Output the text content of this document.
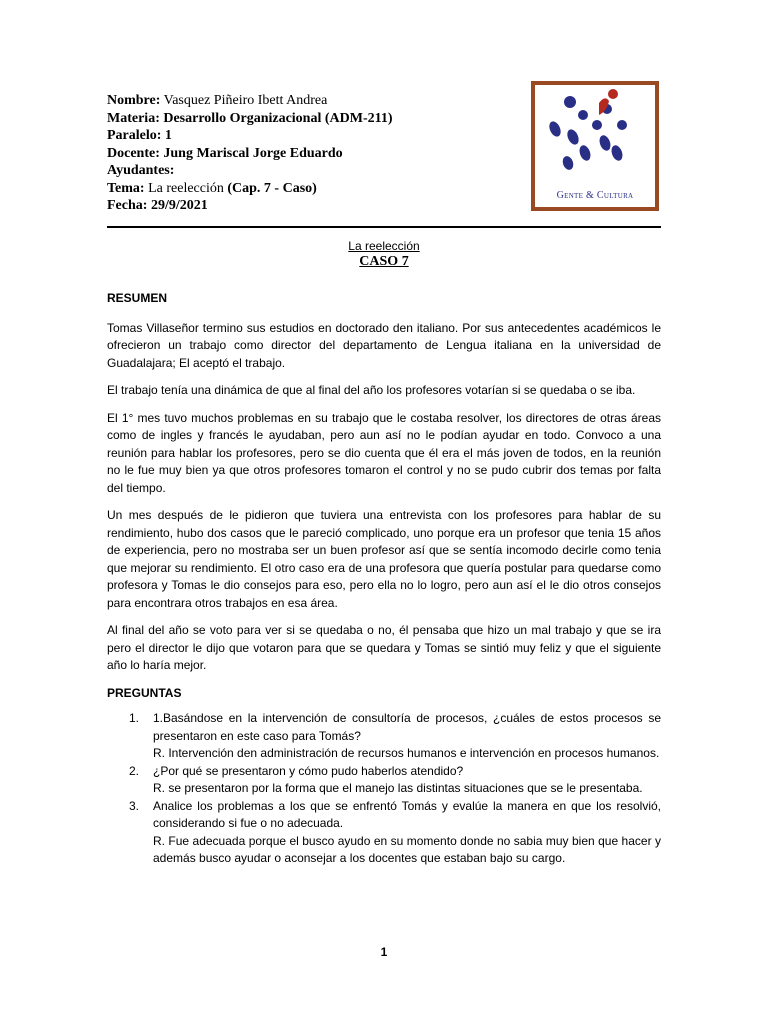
Nombre: Vasquez Piñeiro Ibett Andrea
Materia: Desarrollo Organizacional (ADM-211)
Paralelo: 1
Docente: Jung Mariscal Jorge Eduardo
Ayudantes:
Tema: La reelección (Cap. 7 - Caso)
Fecha: 29/9/2021
Gente & Cultura
La reelección
CASO 7
RESUMEN

Tomas Villaseñor termino sus estudios en doctorado den italiano. Por sus antecedentes académicos le ofrecieron un trabajo como director del departamento de Lengua italiana en la universidad de Guadalajara; El aceptó el trabajo.

El trabajo tenía una dinámica de que al final del año los profesores votarían si se quedaba o se iba.

El 1° mes tuvo muchos problemas en su trabajo que le costaba resolver, los directores de otras áreas como de ingles y francés le ayudaban, pero aun así no le podían ayudar en todo. Convoco a una reunión para hablar los profesores, pero se dio cuenta que él era el más joven de todos, en la reunión no le fue muy bien ya que otros profesores tomaron el control y no se pudo cubrir dos temas por falta del tiempo.

Un mes después de le pidieron que tuviera una entrevista con los profesores para hablar de su rendimiento, hubo dos casos que le pareció complicado, uno porque era un profesor que tenia 15 años de experiencia, pero no mostraba ser un buen profesor así que se sentía incomodo decirle como tenia que mejorar su rendimiento. El otro caso era de una profesora que quería postular para quedarse como profesora y Tomas le dio consejos para eso, pero ella no lo logro, pero aun así el le dio otros consejos para encontrara otros trabajos en esa área.

Al final del año se voto para ver si se quedaba o no, él pensaba que hizo un mal trabajo y que se ira pero el director le dijo que votaron para que se quedara y Tomas se sintió muy feliz y que el siguiente año lo haría mejor.

PREGUNTAS
1. 1.Basándose en la intervención de consultoría de procesos, ¿cuáles de estos procesos se presentaron en este caso para Tomás?
R. Intervención den administración de recursos humanos e intervención en procesos humanos.
2. ¿Por qué se presentaron y cómo pudo haberlos atendido?
R. se presentaron por la forma que el manejo las distintas situaciones que se le presentaba.
3. Analice los problemas a los que se enfrentó Tomás y evalúe la manera en que los resolvió, considerando si fue o no adecuada.
R. Fue adecuada porque el busco ayudo en su momento donde no sabia muy bien que hacer y además busco ayudar o aconsejar a los docentes que estaban bajo su cargo.
1
